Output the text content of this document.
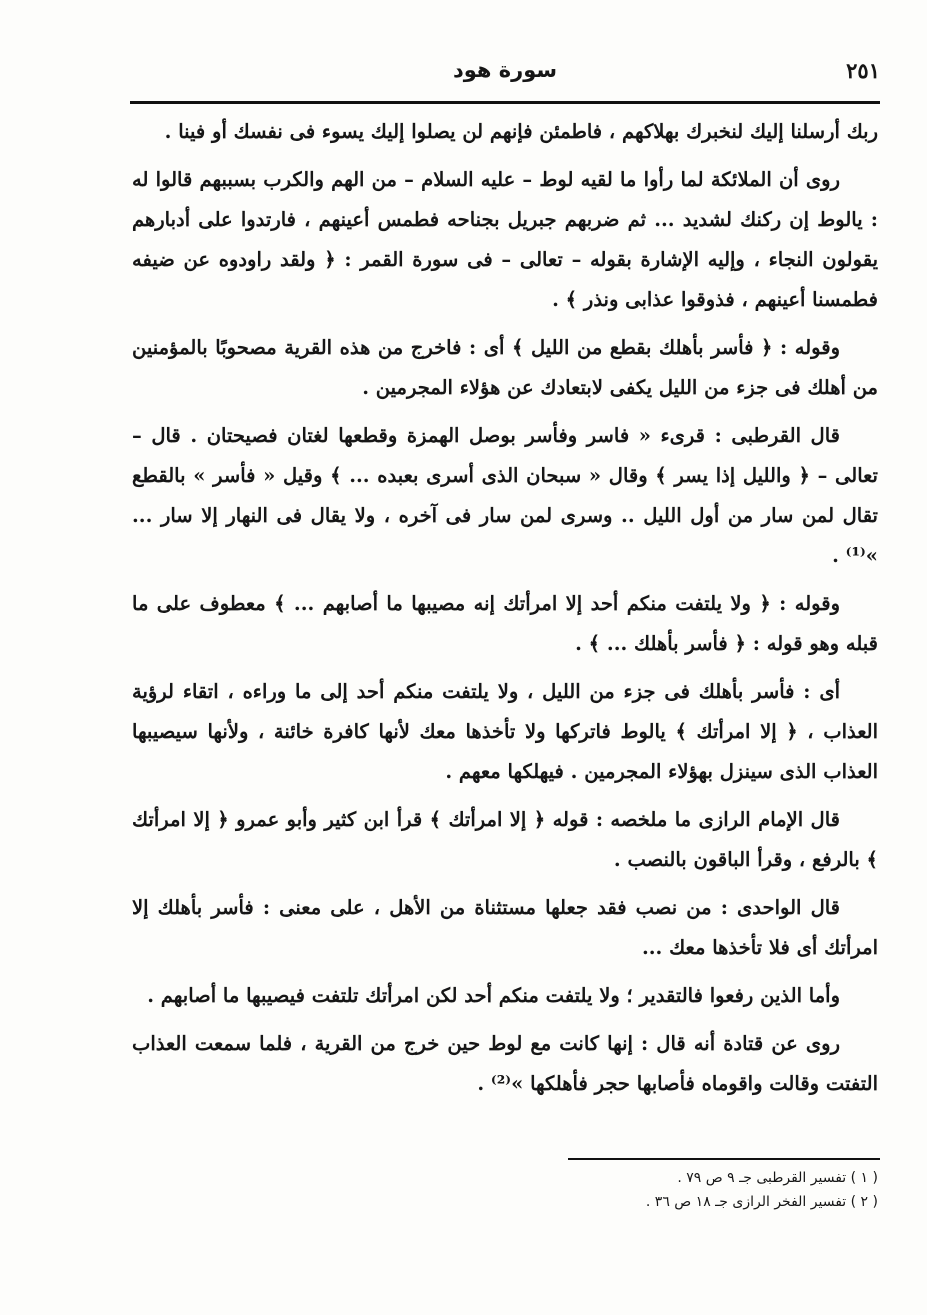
٢٥١
سورة هود

ربك أرسلنا إليك لنخبرك بهلاكهم ، فاطمئن فإنهم لن يصلوا إليك يسوء فى نفسك أو فينا .

روى أن الملائكة لما رأوا ما لقيه لوط – عليه السلام – من الهم والكرب بسببهم قالوا له : يالوط إن ركنك لشديد ... ثم ضربهم جبريل بجناحه فطمس أعينهم ، فارتدوا على أدبارهم يقولون النجاء ، وإليه الإشارة بقوله – تعالى – فى سورة القمر : ﴿ ولقد راودوه عن ضيفه فطمسنا أعينهم ، فذوقوا عذابى ونذر ﴾ .

وقوله : ﴿ فأسر بأهلك بقطع من الليل ﴾ أى : فاخرج من هذه القرية مصحوبًا بالمؤمنين من أهلك فى جزء من الليل يكفى لابتعادك عن هؤلاء المجرمين .

قال القرطبى : قرىء « فاسر وفأسر بوصل الهمزة وقطعها لغتان فصيحتان . قال – تعالى – ﴿ والليل إذا يسر ﴾ وقال « سبحان الذى أسرى بعبده ... ﴾ وقيل « فأسر » بالقطع تقال لمن سار من أول الليل .. وسرى لمن سار فى آخره ، ولا يقال فى النهار إلا سار ... »⁽¹⁾ .

وقوله : ﴿ ولا يلتفت منكم أحد إلا امرأتك إنه مصيبها ما أصابهم ... ﴾ معطوف على ما قبله وهو قوله : ﴿ فأسر بأهلك ... ﴾ .

أى : فأسر بأهلك فى جزء من الليل ، ولا يلتفت منكم أحد إلى ما وراءه ، اتقاء لرؤية العذاب ، ﴿ إلا امرأتك ﴾ يالوط فاتركها ولا تأخذها معك لأنها كافرة خائنة ، ولأنها سيصيبها العذاب الذى سينزل بهؤلاء المجرمين . فيهلكها معهم .

قال الإمام الرازى ما ملخصه : قوله ﴿ إلا امرأتك ﴾ قرأ ابن كثير وأبو عمرو ﴿ إلا امرأتك ﴾ بالرفع ، وقرأ الباقون بالنصب .

قال الواحدى : من نصب فقد جعلها مستثناة من الأهل ، على معنى : فأسر بأهلك إلا امرأتك أى فلا تأخذها معك ...

وأما الذين رفعوا فالتقدير ؛ ولا يلتفت منكم أحد لكن امرأتك تلتفت فيصيبها ما أصابهم .

روى عن قتادة أنه قال : إنها كانت مع لوط حين خرج من القرية ، فلما سمعت العذاب التفتت وقالت واقوماه فأصابها حجر فأهلكها »⁽²⁾ .

( ١ ) تفسير القرطبى جـ ٩ ص ٧٩ .

( ٢ ) تفسير الفخر الرازى جـ ١٨ ص ٣٦ .
